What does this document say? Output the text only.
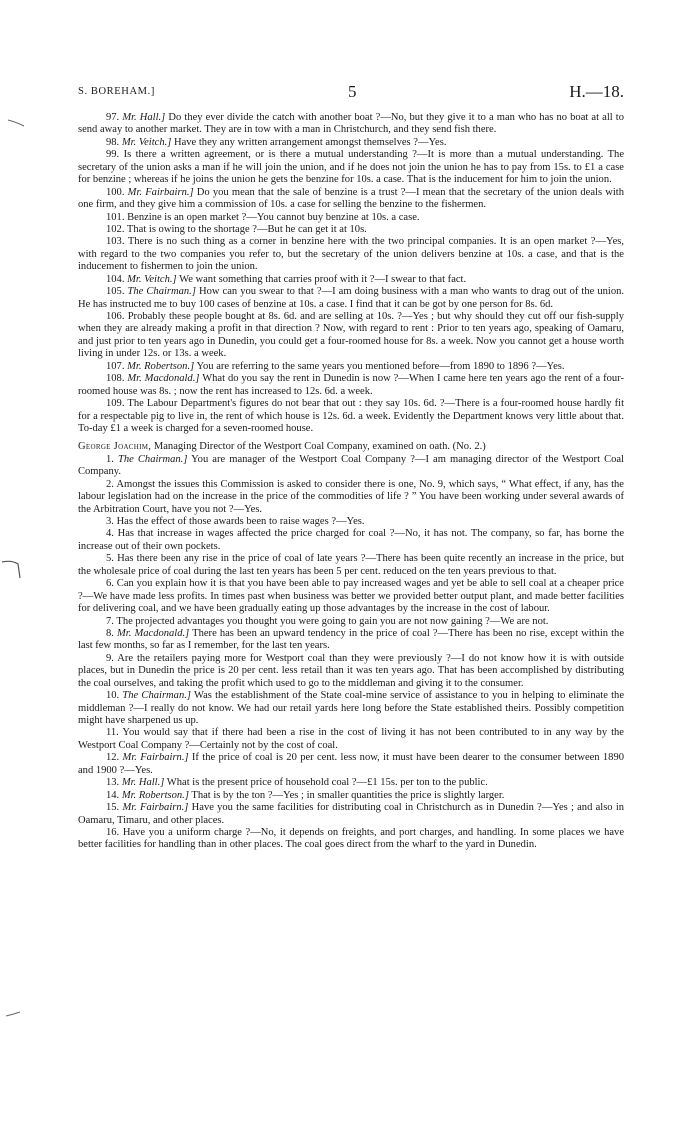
S. BOREHAM.]	5	H.—18.

97. Mr. Hall.] Do they ever divide the catch with another boat ?—No, but they give it to a man who has no boat at all to send away to another market. They are in tow with a man in Christchurch, and they send fish there.

98. Mr. Veitch.] Have they any written arrangement amongst themselves ?—Yes.

99. Is there a written agreement, or is there a mutual understanding ?—It is more than a mutual understanding. The secretary of the union asks a man if he will join the union, and if he does not join the union he has to pay from 15s. to £1 a case for benzine ; whereas if he joins the union he gets the benzine for 10s. a case. That is the inducement for him to join the union.

100. Mr. Fairbairn.] Do you mean that the sale of benzine is a trust ?—I mean that the secretary of the union deals with one firm, and they give him a commission of 10s. a case for selling the benzine to the fishermen.

101. Benzine is an open market ?—You cannot buy benzine at 10s. a case.

102. That is owing to the shortage ?—But he can get it at 10s.

103. There is no such thing as a corner in benzine here with the two principal companies. It is an open market ?—Yes, with regard to the two companies you refer to, but the secretary of the union delivers benzine at 10s. a case, and that is the inducement to fishermen to join the union.

104. Mr. Veitch.] We want something that carries proof with it ?—I swear to that fact.

105. The Chairman.] How can you swear to that ?—I am doing business with a man who wants to drag out of the union. He has instructed me to buy 100 cases of benzine at 10s. a case. I find that it can be got by one person for 8s. 6d.

106. Probably these people bought at 8s. 6d. and are selling at 10s. ?—Yes ; but why should they cut off our fish-supply when they are already making a profit in that direction ? Now, with regard to rent : Prior to ten years ago, speaking of Oamaru, and just prior to ten years ago in Dunedin, you could get a four-roomed house for 8s. a week. Now you cannot get a house worth living in under 12s. or 13s. a week.

107. Mr. Robertson.] You are referring to the same years you mentioned before—from 1890 to 1896 ?—Yes.

108. Mr. Macdonald.] What do you say the rent in Dunedin is now ?—When I came here ten years ago the rent of a four-roomed house was 8s. ; now the rent has increased to 12s. 6d. a week.

109. The Labour Department's figures do not bear that out : they say 10s. 6d. ?—There is a four-roomed house hardly fit for a respectable pig to live in, the rent of which house is 12s. 6d. a week. Evidently the Department knows very little about that. To-day £1 a week is charged for a seven-roomed house.

George Joachim, Managing Director of the Westport Coal Company, examined on oath. (No. 2.)

1. The Chairman.] You are manager of the Westport Coal Company ?—I am managing director of the Westport Coal Company.

2. Amongst the issues this Commission is asked to consider there is one, No. 9, which says, “ What effect, if any, has the labour legislation had on the increase in the price of the commodities of life ? ” You have been working under several awards of the Arbitration Court, have you not ?—Yes.

3. Has the effect of those awards been to raise wages ?—Yes.

4. Has that increase in wages affected the price charged for coal ?—No, it has not. The company, so far, has borne the increase out of their own pockets.

5. Has there been any rise in the price of coal of late years ?—There has been quite recently an increase in the price, but the wholesale price of coal during the last ten years has been 5 per cent. reduced on the ten years previous to that.

6. Can you explain how it is that you have been able to pay increased wages and yet be able to sell coal at a cheaper price ?—We have made less profits. In times past when business was better we provided better output plant, and made better facilities for delivering coal, and we have been gradually eating up those advantages by the increase in the cost of labour.

7. The projected advantages you thought you were going to gain you are not now gaining ?—We are not.

8. Mr. Macdonald.] There has been an upward tendency in the price of coal ?—There has been no rise, except within the last few months, so far as I remember, for the last ten years.

9. Are the retailers paying more for Westport coal than they were previously ?—I do not know how it is with outside places, but in Dunedin the price is 20 per cent. less retail than it was ten years ago. That has been accomplished by distributing the coal ourselves, and taking the profit which used to go to the middleman and giving it to the consumer.

10. The Chairman.] Was the establishment of the State coal-mine service of assistance to you in helping to eliminate the middleman ?—I really do not know. We had our retail yards here long before the State established theirs. Possibly competition might have sharpened us up.

11. You would say that if there had been a rise in the cost of living it has not been contributed to in any way by the Westport Coal Company ?—Certainly not by the cost of coal.

12. Mr. Fairbairn.] If the price of coal is 20 per cent. less now, it must have been dearer to the consumer between 1890 and 1900 ?—Yes.

13. Mr. Hall.] What is the present price of household coal ?—£1 15s. per ton to the public.

14. Mr. Robertson.] That is by the ton ?—Yes ; in smaller quantities the price is slightly larger.

15. Mr. Fairbairn.] Have you the same facilities for distributing coal in Christchurch as in Dunedin ?—Yes ; and also in Oamaru, Timaru, and other places.

16. Have you a uniform charge ?—No, it depends on freights, and port charges, and handling. In some places we have better facilities for handling than in other places. The coal goes direct from the wharf to the yard in Dunedin.
